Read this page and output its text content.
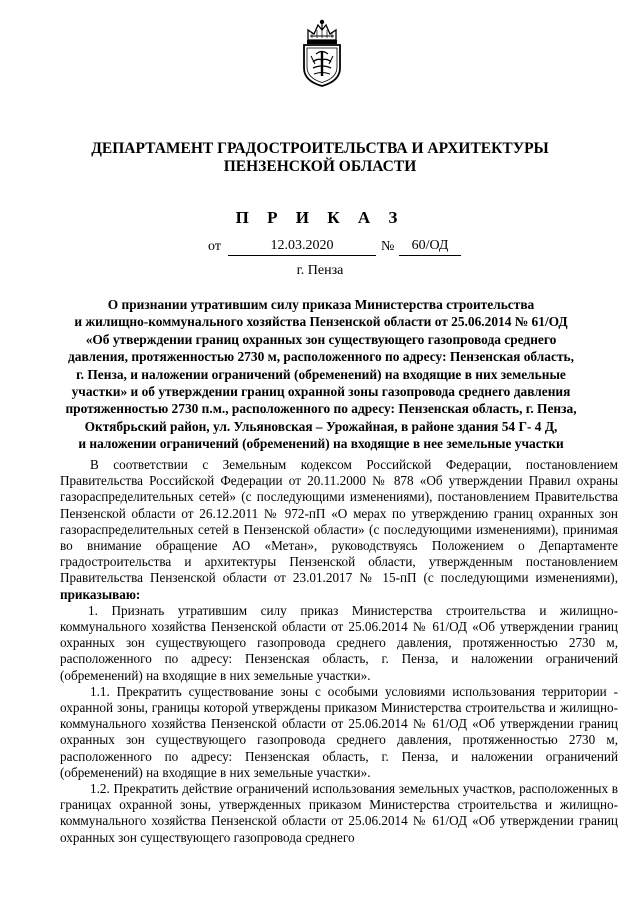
ДЕПАРТАМЕНТ ГРАДОСТРОИТЕЛЬСТВА И АРХИТЕКТУРЫ
ПЕНЗЕНСКОЙ ОБЛАСТИ
П Р И К А З
от	12.03.2020	№	60/ОД
г. Пенза
О признании утратившим силу приказа Министерства строительства
и жилищно-коммунального хозяйства Пензенской области от 25.06.2014 № 61/ОД
«Об утверждении границ охранных зон существующего газопровода среднего
давления, протяженностью 2730 м, расположенного по адресу: Пензенская область,
г. Пенза, и наложении ограничений (обременений) на входящие в них земельные
участки» и об утверждении границ охранной зоны газопровода среднего давления
протяженностью 2730 п.м., расположенного по адресу: Пензенская область, г. Пенза,
Октябрьский район, ул. Ульяновская – Урожайная, в районе здания 54 Г- 4 Д,
и наложении ограничений (обременений) на входящие в нее земельные участки

В соответствии с Земельным кодексом Российской Федерации, постановлением Правительства Российской Федерации от 20.11.2000 № 878 «Об утверждении Правил охраны газораспределительных сетей» (с последующими изменениями), постановлением Правительства Пензенской области от 26.12.2011 № 972-пП «О мерах по утверждению границ охранных зон газораспределительных сетей в Пензенской области» (с последующими изменениями), принимая во внимание обращение АО «Метан», руководствуясь Положением о Департаменте градостроительства и архитектуры Пензенской области, утвержденным постановлением Правительства Пензенской области от 23.01.2017 № 15-пП (с последующими изменениями), приказываю:

1. Признать утратившим силу приказ Министерства строительства и жилищно-коммунального хозяйства Пензенской области от 25.06.2014 № 61/ОД «Об утверждении границ охранных зон существующего газопровода среднего давления, протяженностью 2730 м, расположенного по адресу: Пензенская область, г. Пенза, и наложении ограничений (обременений) на входящие в них земельные участки».

1.1. Прекратить существование зоны с особыми условиями использования территории - охранной зоны, границы которой утверждены приказом Министерства строительства и жилищно-коммунального хозяйства Пензенской области от 25.06.2014 № 61/ОД «Об утверждении границ охранных зон существующего газопровода среднего давления, протяженностью 2730 м, расположенного по адресу: Пензенская область, г. Пенза, и наложении ограничений (обременений) на входящие в них земельные участки».

1.2. Прекратить действие ограничений использования земельных участков, расположенных в границах охранной зоны, утвержденных приказом Министерства строительства и жилищно-коммунального хозяйства Пензенской области от 25.06.2014 № 61/ОД «Об утверждении границ охранных зон существующего газопровода среднего
